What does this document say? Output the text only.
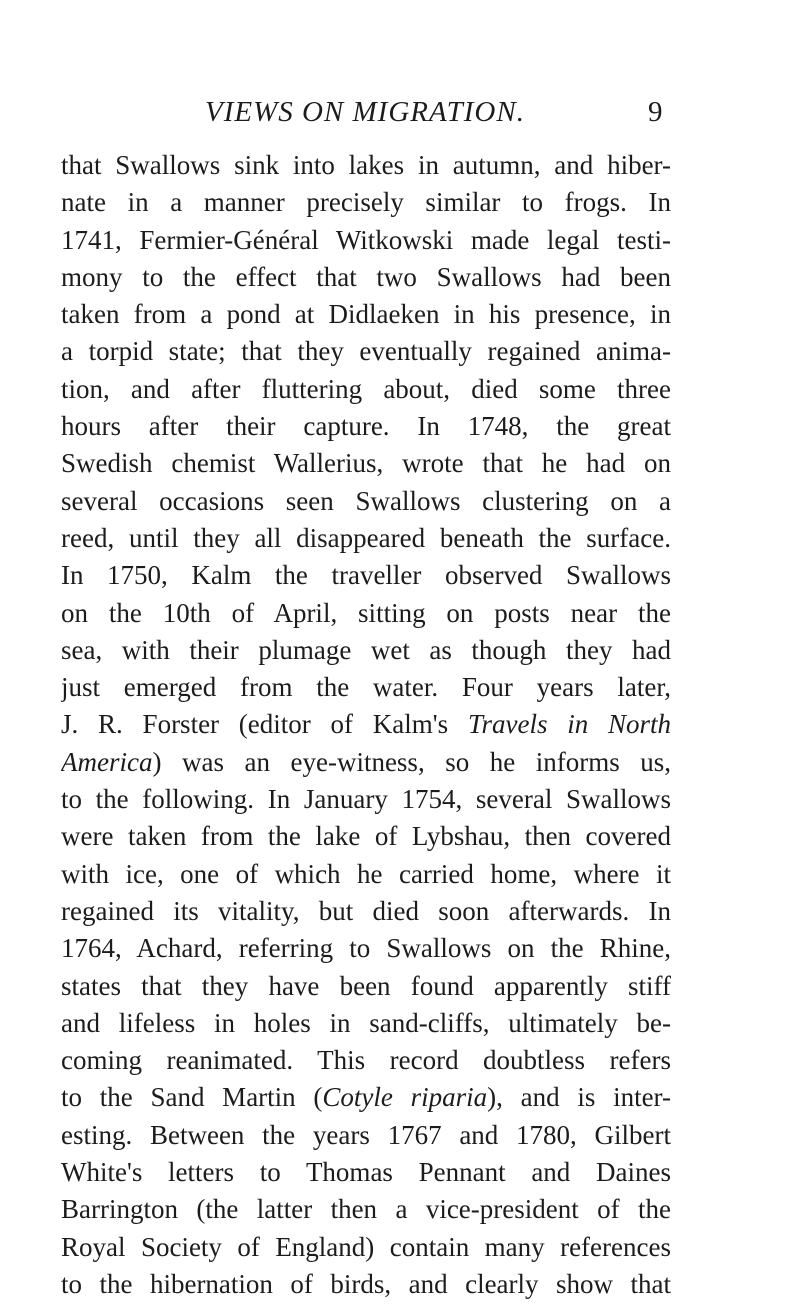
VIEWS ON MIGRATION.	9
that Swallows sink into lakes in autumn, and hiber-
nate in a manner precisely similar to frogs. In
1741, Fermier-Général Witkowski made legal testi-
mony to the effect that two Swallows had been
taken from a pond at Didlaeken in his presence, in
a torpid state; that they eventually regained anima-
tion, and after fluttering about, died some three
hours after their capture. In 1748, the great
Swedish chemist Wallerius, wrote that he had on
several occasions seen Swallows clustering on a
reed, until they all disappeared beneath the surface.
In 1750, Kalm the traveller observed Swallows
on the 10th of April, sitting on posts near the
sea, with their plumage wet as though they had
just emerged from the water. Four years later,
J. R. Forster (editor of Kalm's Travels in North
America) was an eye-witness, so he informs us,
to the following. In January 1754, several Swallows
were taken from the lake of Lybshau, then covered
with ice, one of which he carried home, where it
regained its vitality, but died soon afterwards. In
1764, Achard, referring to Swallows on the Rhine,
states that they have been found apparently stiff
and lifeless in holes in sand-cliffs, ultimately be-
coming reanimated. This record doubtless refers
to the Sand Martin (Cotyle riparia), and is inter-
esting. Between the years 1767 and 1780, Gilbert
White's letters to Thomas Pennant and Daines
Barrington (the latter then a vice-president of the
Royal Society of England) contain many references
to the hibernation of birds, and clearly show that
